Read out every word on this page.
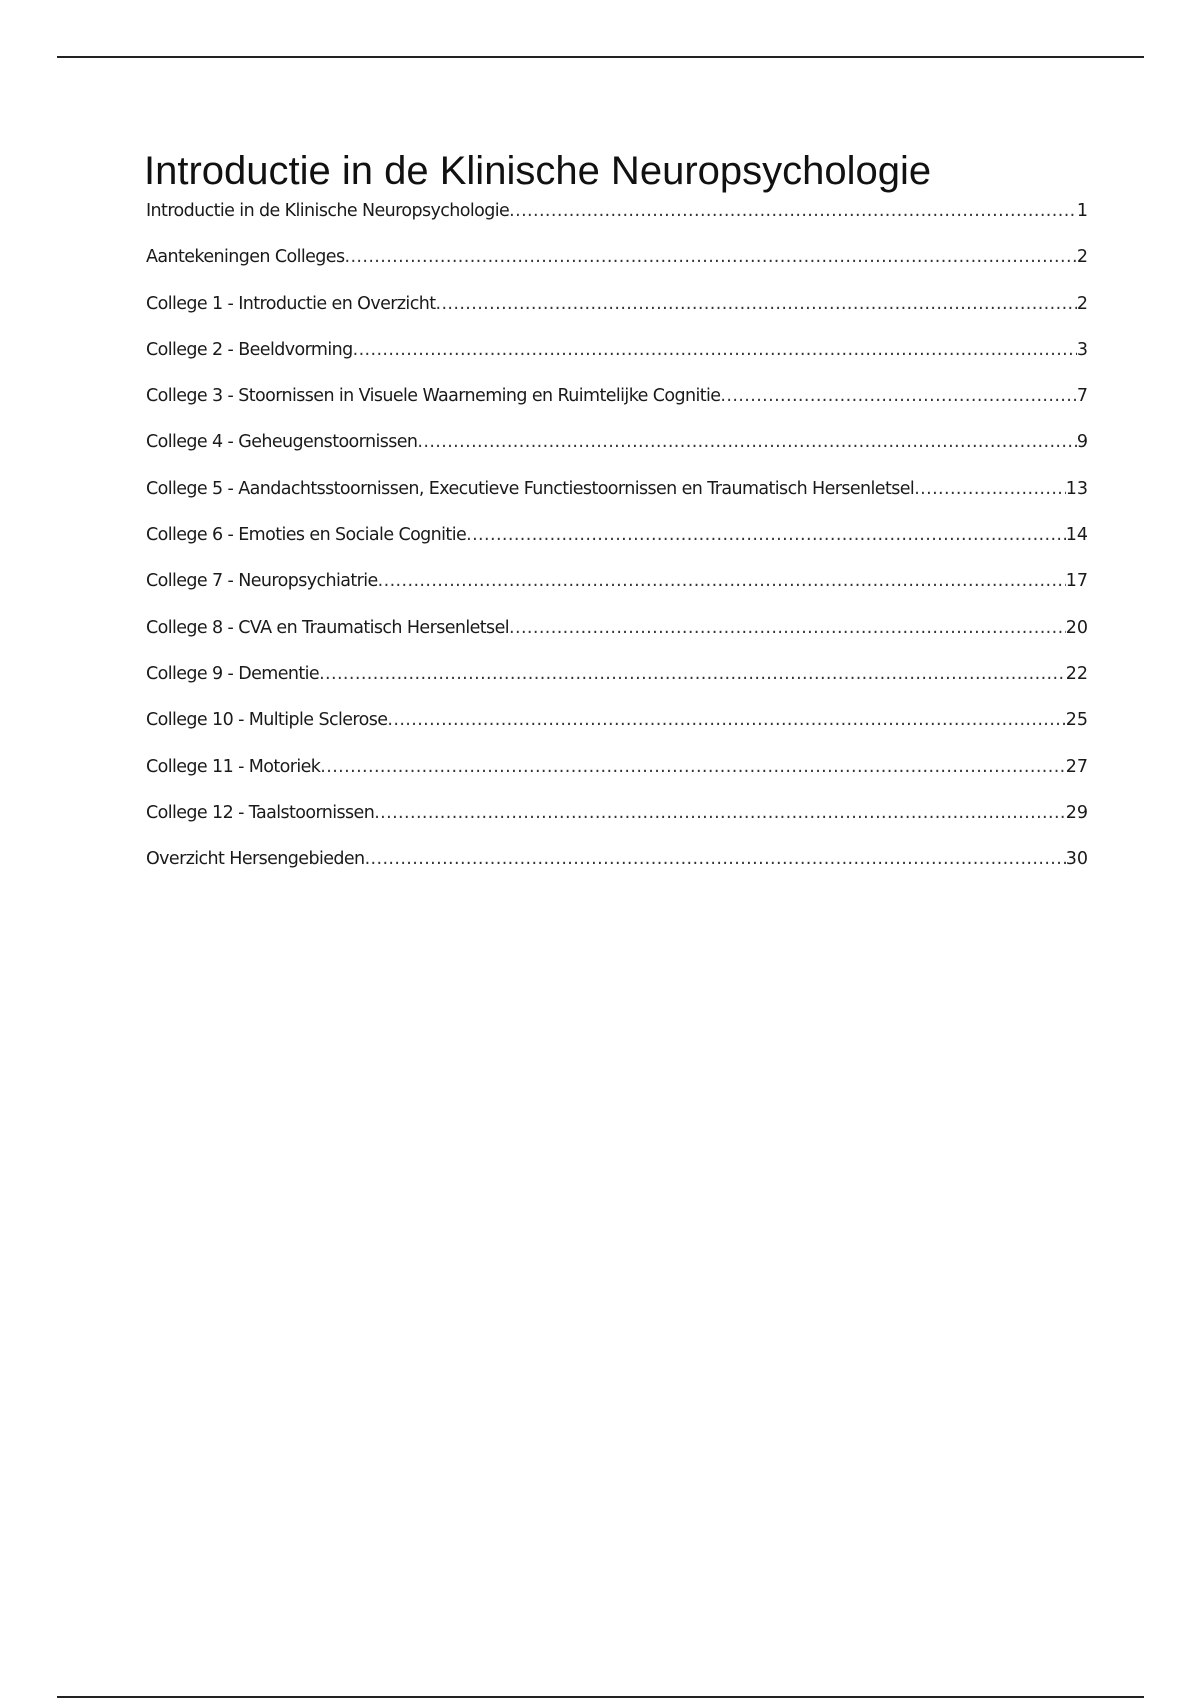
Introductie in de Klinische Neuropsychologie
Introductie in de Klinische Neuropsychologie .....	1
Aantekeningen Colleges .....	2
College 1 - Introductie en Overzicht .....	2
College 2 - Beeldvorming .....	3
College 3 - Stoornissen in Visuele Waarneming en Ruimtelijke Cognitie .....	7
College 4 - Geheugenstoornissen .....	9
College 5 - Aandachtsstoornissen, Executieve Functiestoornissen en Traumatisch Hersenletsel .....	13
College 6 - Emoties en Sociale Cognitie .....	14
College 7 - Neuropsychiatrie .....	17
College 8 - CVA en Traumatisch Hersenletsel .....	20
College 9 - Dementie .....	22
College 10 - Multiple Sclerose .....	25
College 11 - Motoriek .....	27
College 12 - Taalstoornissen .....	29
Overzicht Hersengebieden .....	30
